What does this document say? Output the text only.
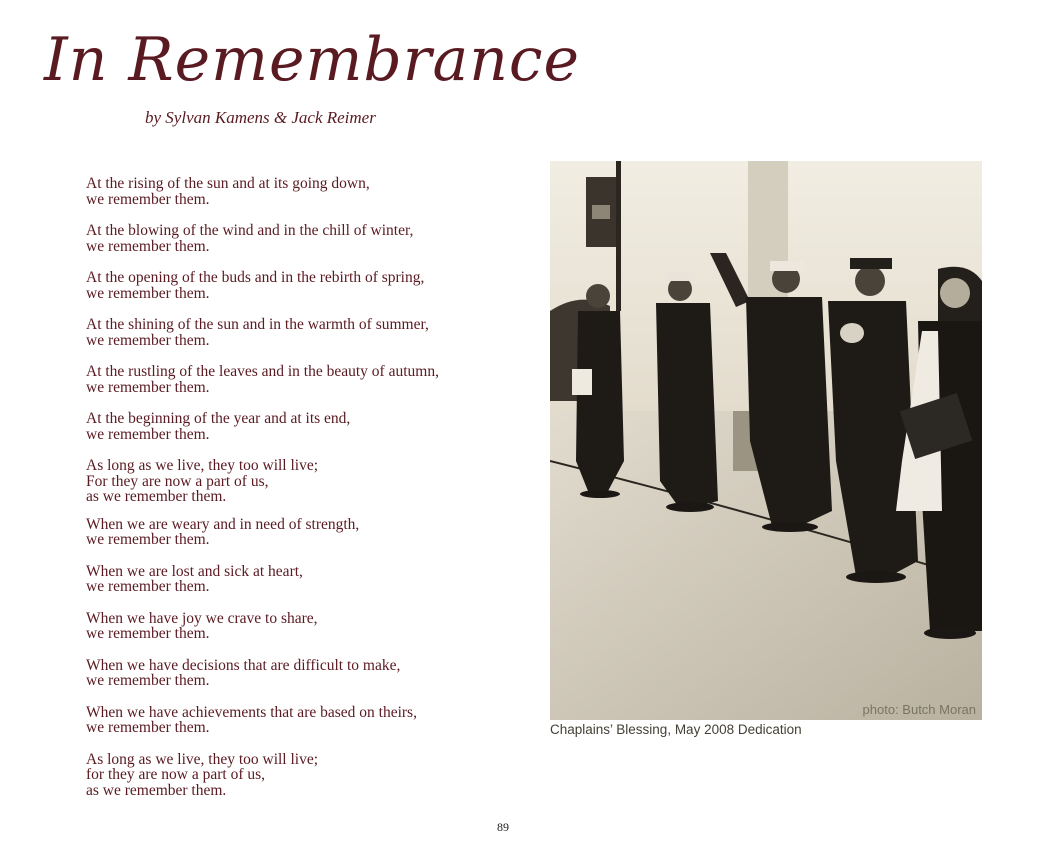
In Remembrance
by Sylvan Kamens & Jack Reimer
At the rising of the sun and at its going down,
we remember them.
At the blowing of the wind and in the chill of winter,
we remember them.
At the opening of the buds and in the rebirth of spring,
we remember them.
At the shining of the sun and in the warmth of summer,
we remember them.
At the rustling of the leaves and in the beauty of autumn,
we remember them.
At the beginning of the year and at its end,
we remember them.
As long as we live, they too will live;
For they are now a part of us,
as we remember them.
When we are weary and in need of strength,
we remember them.
When we are lost and sick at heart,
we remember them.
When we have joy we crave to share,
we remember them.
When we have decisions that are difficult to make,
we remember them.
When we have achievements that are based on theirs,
we remember them.
As long as we live, they too will live;
for they are now a part of us,
as we remember them.
photo: Butch Moran
Chaplains’ Blessing, May 2008 Dedication
89
